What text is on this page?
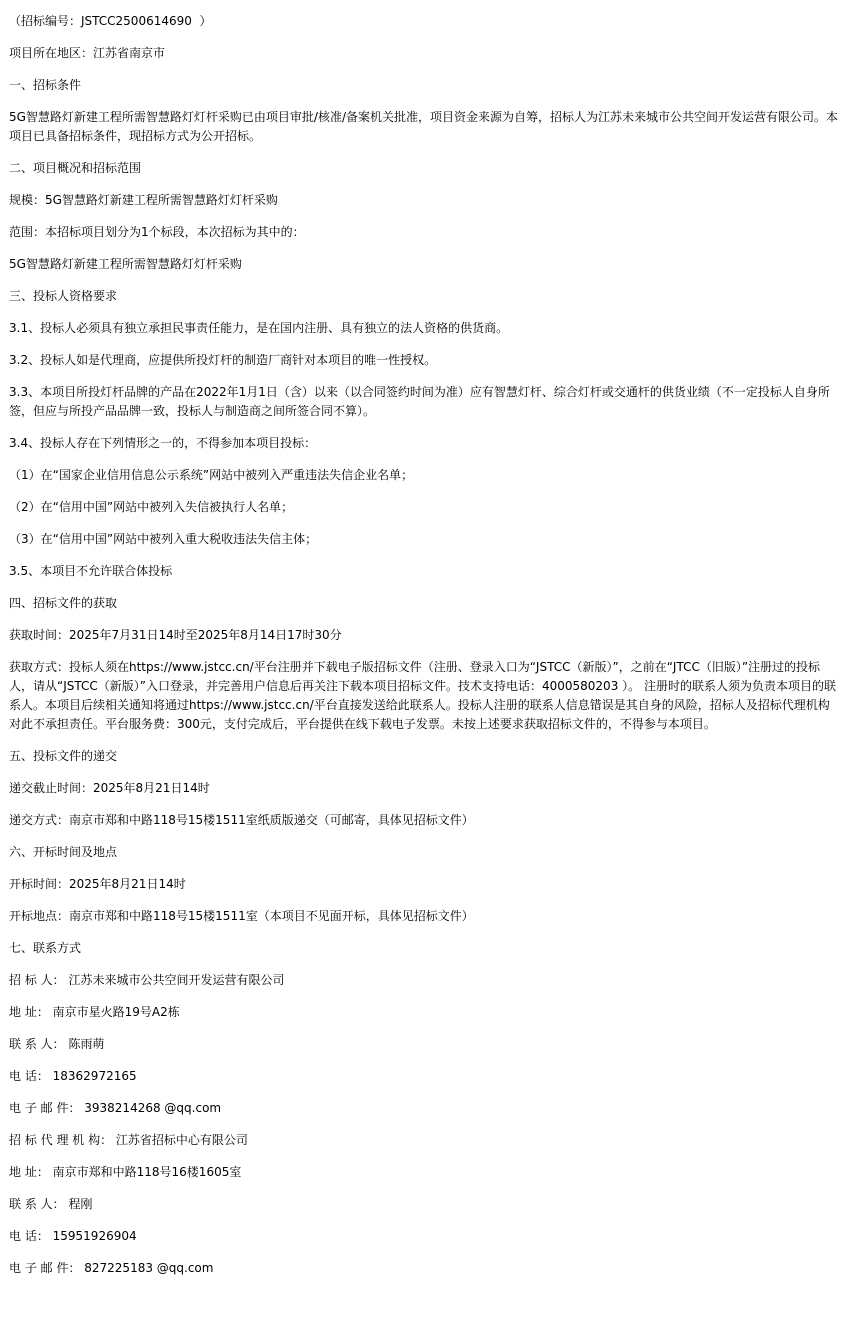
（招标编号：JSTCC2500614690  ）

项目所在地区：江苏省南京市

一、招标条件

5G智慧路灯新建工程所需智慧路灯灯杆采购已由项目审批/核准/备案机关批准，项目资金来源为自筹，招标人为江苏未来城市公共空间开发运营有限公司。本项目已具备招标条件，现招标方式为公开招标。

二、项目概况和招标范围

规模：5G智慧路灯新建工程所需智慧路灯灯杆采购

范围：本招标项目划分为1个标段，本次招标为其中的：

5G智慧路灯新建工程所需智慧路灯灯杆采购

三、投标人资格要求

3.1、投标人必须具有独立承担民事责任能力，是在国内注册、具有独立的法人资格的供货商。

3.2、投标人如是代理商，应提供所投灯杆的制造厂商针对本项目的唯一性授权。

3.3、本项目所投灯杆品牌的产品在2022年1月1日（含）以来（以合同签约时间为准）应有智慧灯杆、综合灯杆或交通杆的供货业绩（不一定投标人自身所签，但应与所投产品品牌一致，投标人与制造商之间所签合同不算）。

3.4、投标人存在下列情形之一的，不得参加本项目投标：

（1）在“国家企业信用信息公示系统”网站中被列入严重违法失信企业名单；

（2）在“信用中国”网站中被列入失信被执行人名单；

（3）在“信用中国”网站中被列入重大税收违法失信主体；

3.5、本项目不允许联合体投标

四、招标文件的获取

获取时间：2025年7月31日14时至2025年8月14日17时30分

获取方式：投标人须在https://www.jstcc.cn/平台注册并下载电子版招标文件（注册、登录入口为“JSTCC（新版）”，之前在“JTCC（旧版）”注册过的投标人，请从“JSTCC（新版）”入口登录，并完善用户信息后再关注下载本项目招标文件。技术支持电话：4000580203 ）。 注册时的联系人须为负责本项目的联系人。本项目后续相关通知将通过https://www.jstcc.cn/平台直接发送给此联系人。投标人注册的联系人信息错误是其自身的风险，招标人及招标代理机构对此不承担责任。平台服务费：300元，支付完成后，平台提供在线下载电子发票。未按上述要求获取招标文件的，不得参与本项目。

五、投标文件的递交

递交截止时间：2025年8月21日14时

递交方式：南京市郑和中路118号15楼1511室纸质版递交（可邮寄，具体见招标文件）

六、开标时间及地点

开标时间：2025年8月21日14时

开标地点：南京市郑和中路118号15楼1511室（本项目不见面开标，具体见招标文件）

七、联系方式

招 标 人： 江苏未来城市公共空间开发运营有限公司

地 址： 南京市星火路19号A2栋

联 系 人： 陈雨萌

电 话： 18362972165

电 子 邮 件： 3938214268 @qq.com

招 标 代 理 机 构： 江苏省招标中心有限公司

地 址： 南京市郑和中路118号16楼1605室

联 系 人： 程刚

电 话： 15951926904

电 子 邮 件： 827225183 @qq.com
